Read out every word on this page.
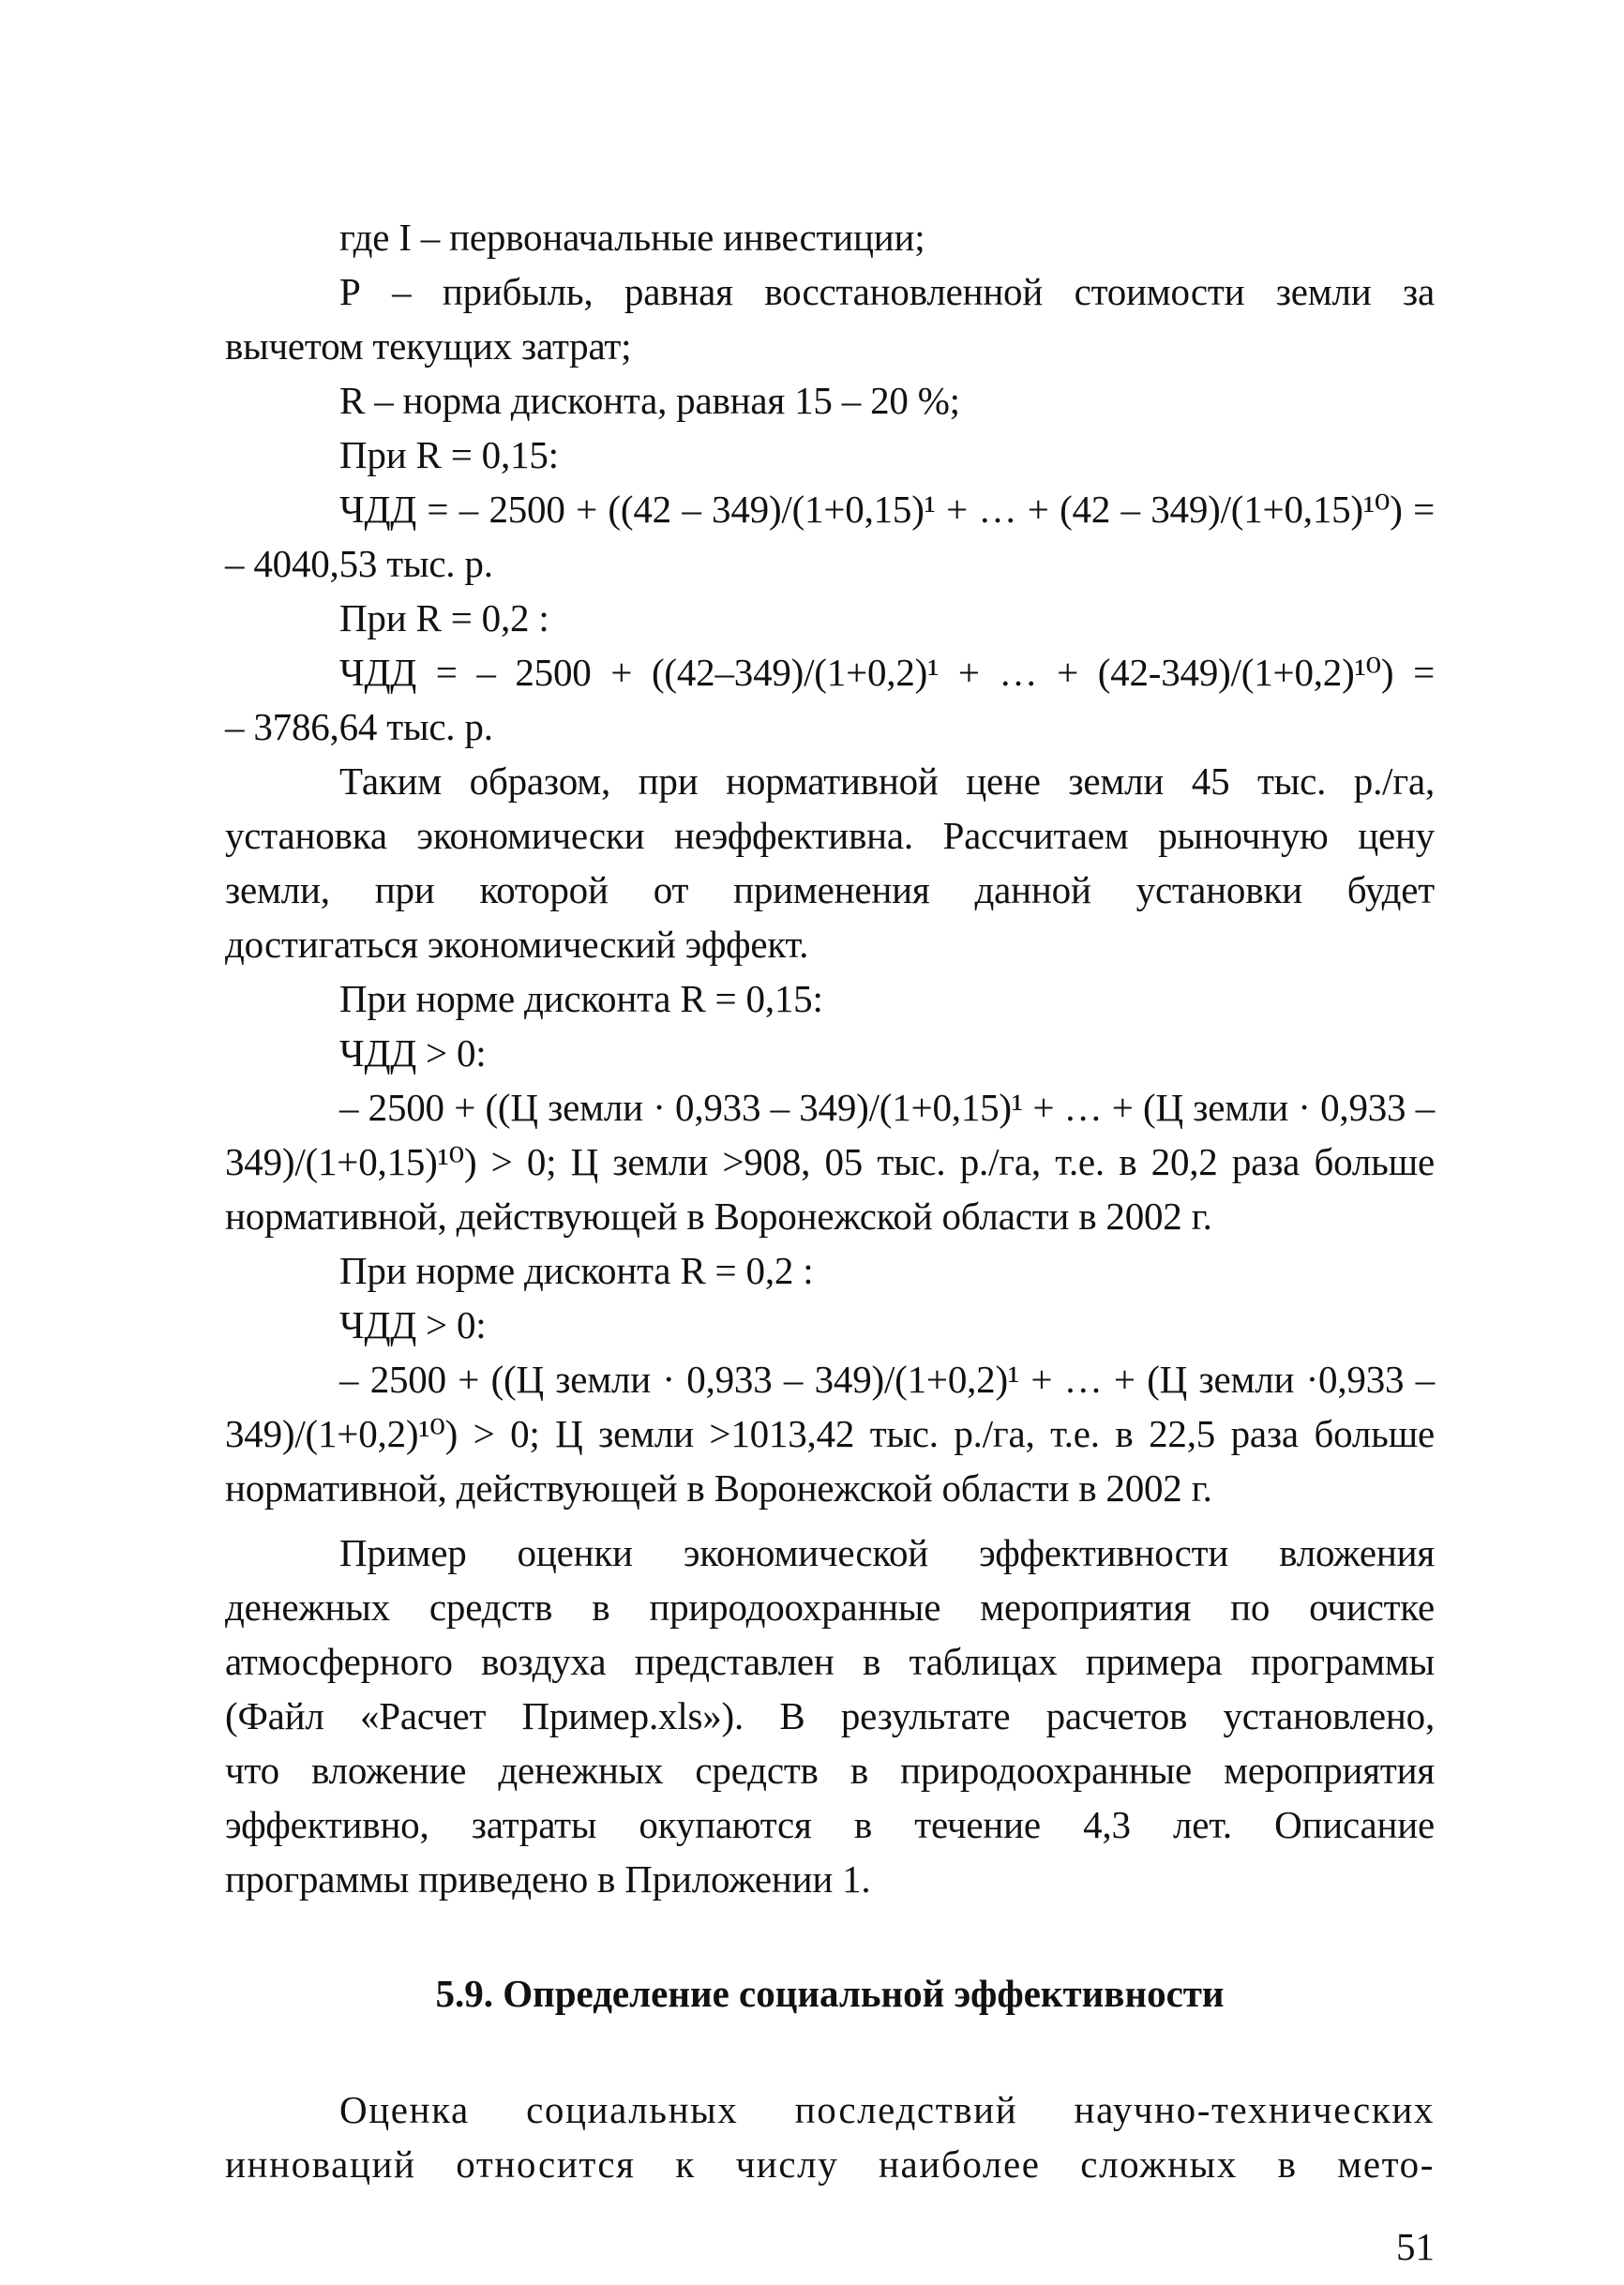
где I – первоначальные инвестиции;
Р – прибыль, равная восстановленной стоимости земли за
вычетом текущих затрат;
R – норма дисконта, равная 15 – 20 %;
При R = 0,15:
ЧДД = – 2500 + ((42 – 349)/(1+0,15)¹ + … + (42 – 349)/(1+0,15)¹⁰) =
– 4040,53 тыс. р.
При R = 0,2 :
ЧДД = – 2500 + ((42–349)/(1+0,2)¹ + … + (42-349)/(1+0,2)¹⁰) =
– 3786,64 тыс. р.
Таким образом, при нормативной цене земли 45 тыс. р./га,
установка экономически неэффективна. Рассчитаем рыночную цену
земли, при которой от применения данной установки будет
достигаться экономический эффект.
При норме дисконта R = 0,15:
ЧДД > 0:
– 2500 + ((Ц земли · 0,933 – 349)/(1+0,15)¹ + … + (Ц земли · 0,933 –
349)/(1+0,15)¹⁰) > 0; Ц земли >908, 05 тыс. р./га, т.е. в 20,2 раза больше
нормативной, действующей в Воронежской области в 2002 г.
При норме дисконта R = 0,2 :
ЧДД > 0:
– 2500 + ((Ц земли · 0,933 – 349)/(1+0,2)¹ + … + (Ц земли ·0,933 –
349)/(1+0,2)¹⁰) > 0; Ц земли >1013,42 тыс. р./га, т.е. в 22,5 раза больше
нормативной, действующей в Воронежской области в 2002 г.
Пример оценки экономической эффективности вложения
денежных средств в природоохранные мероприятия по очистке
атмосферного воздуха представлен в таблицах примера программы
(Файл «Расчет Пример.xls»). В результате расчетов установлено,
что вложение денежных средств в природоохранные мероприятия
эффективно, затраты окупаются в течение 4,3 лет. Описание
программы приведено в Приложении 1.
5.9. Определение социальной эффективности
Оценка социальных последствий научно-технических
инноваций относится к числу наиболее сложных в мето-
51
